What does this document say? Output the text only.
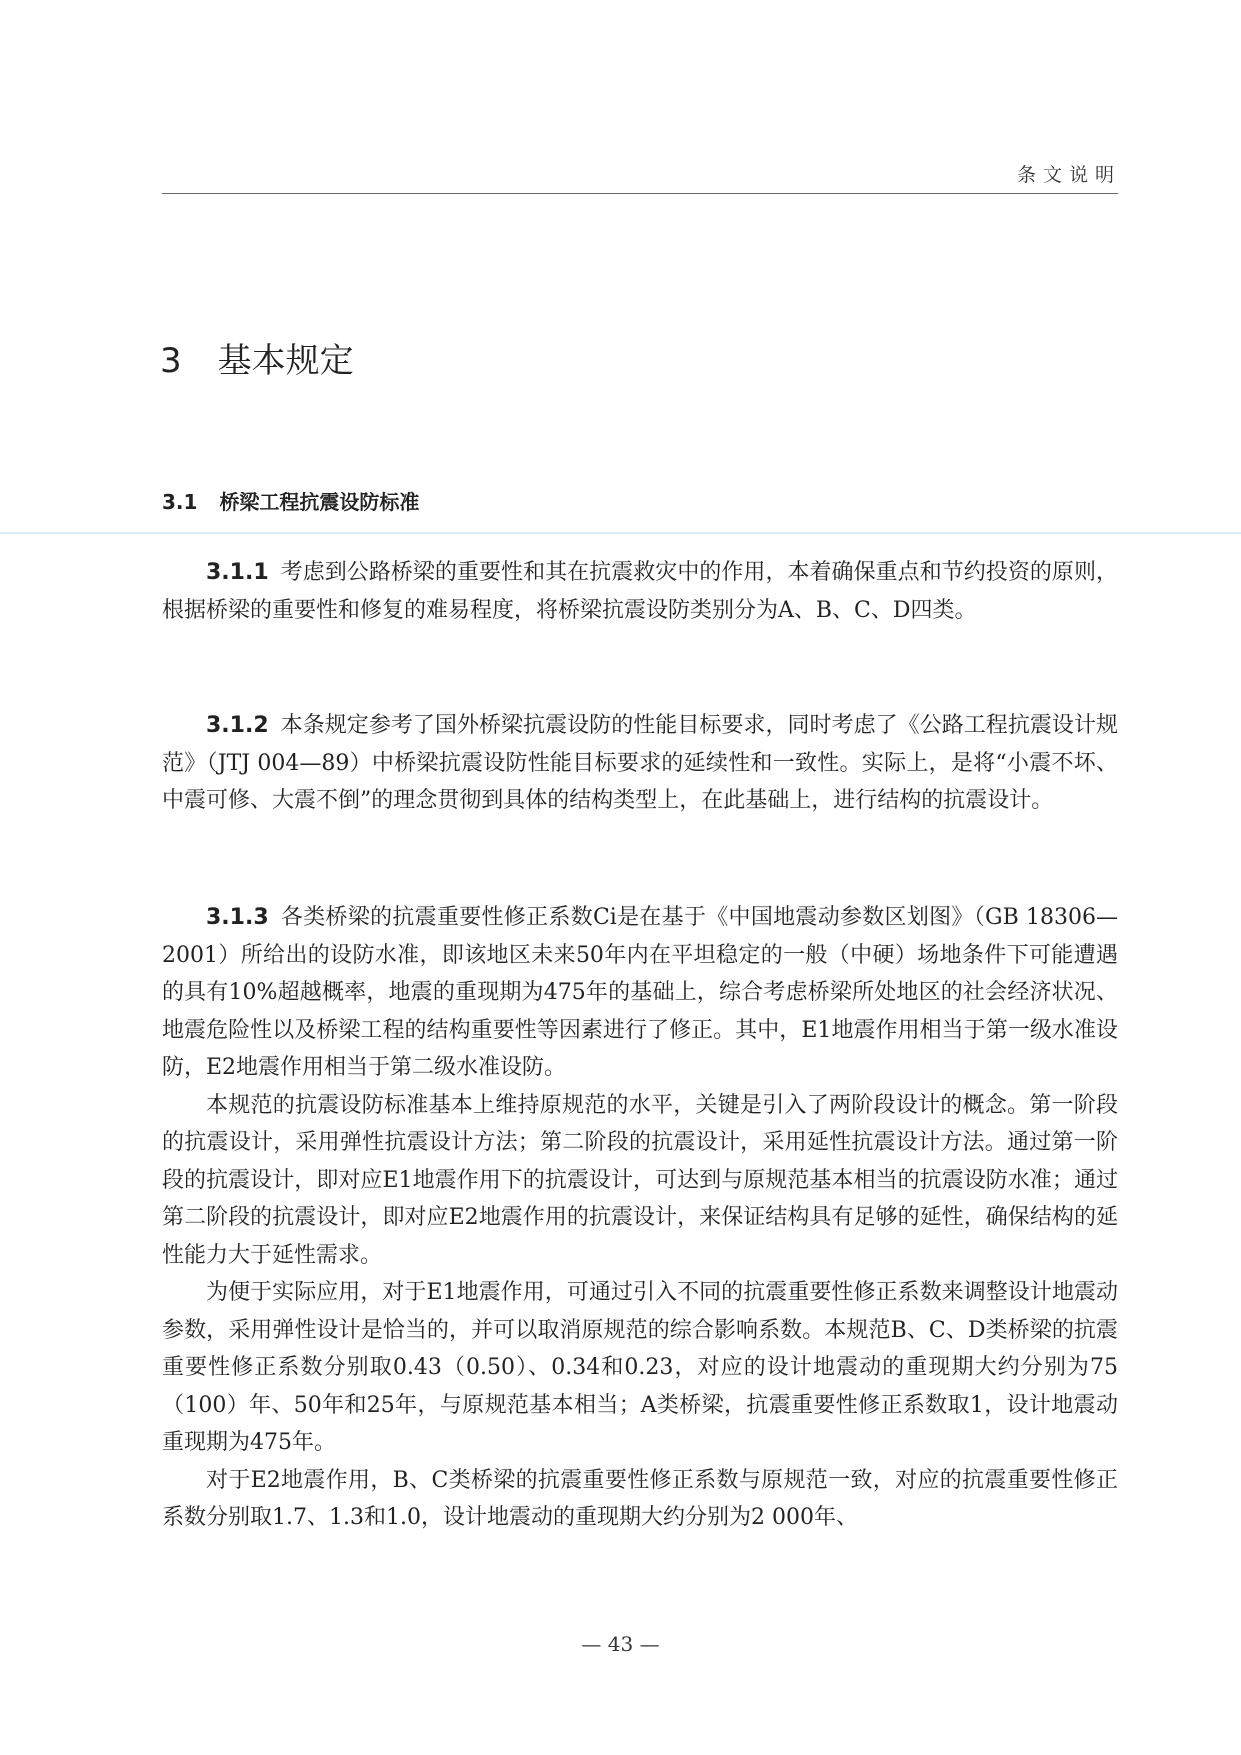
条文说明
3 基本规定
3.1 桥梁工程抗震设防标准

3.1.1 考虑到公路桥梁的重要性和其在抗震救灾中的作用，本着确保重点和节约投资的原则，根据桥梁的重要性和修复的难易程度，将桥梁抗震设防类别分为A、B、C、D四类。

3.1.2 本条规定参考了国外桥梁抗震设防的性能目标要求，同时考虑了《公路工程抗震设计规范》（JTJ 004—89）中桥梁抗震设防性能目标要求的延续性和一致性。实际上，是将“小震不坏、中震可修、大震不倒”的理念贯彻到具体的结构类型上，在此基础上，进行结构的抗震设计。

3.1.3 各类桥梁的抗震重要性修正系数Ci是在基于《中国地震动参数区划图》（GB 18306—2001）所给出的设防水准，即该地区未来50年内在平坦稳定的一般（中硬）场地条件下可能遭遇的具有10%超越概率，地震的重现期为475年的基础上，综合考虑桥梁所处地区的社会经济状况、地震危险性以及桥梁工程的结构重要性等因素进行了修正。其中，E1地震作用相当于第一级水准设防，E2地震作用相当于第二级水准设防。

本规范的抗震设防标准基本上维持原规范的水平，关键是引入了两阶段设计的概念。第一阶段的抗震设计，采用弹性抗震设计方法；第二阶段的抗震设计，采用延性抗震设计方法。通过第一阶段的抗震设计，即对应E1地震作用下的抗震设计，可达到与原规范基本相当的抗震设防水准；通过第二阶段的抗震设计，即对应E2地震作用的抗震设计，来保证结构具有足够的延性，确保结构的延性能力大于延性需求。

为便于实际应用，对于E1地震作用，可通过引入不同的抗震重要性修正系数来调整设计地震动参数，采用弹性设计是恰当的，并可以取消原规范的综合影响系数。本规范B、C、D类桥梁的抗震重要性修正系数分别取0.43（0.50）、0.34和0.23，对应的设计地震动的重现期大约分别为75（100）年、50年和25年，与原规范基本相当；A类桥梁，抗震重要性修正系数取1，设计地震动重现期为475年。

对于E2地震作用，B、C类桥梁的抗震重要性修正系数与原规范一致，对应的抗震重要性修正系数分别取1.7、1.3和1.0，设计地震动的重现期大约分别为2 000年、

— 43 —
